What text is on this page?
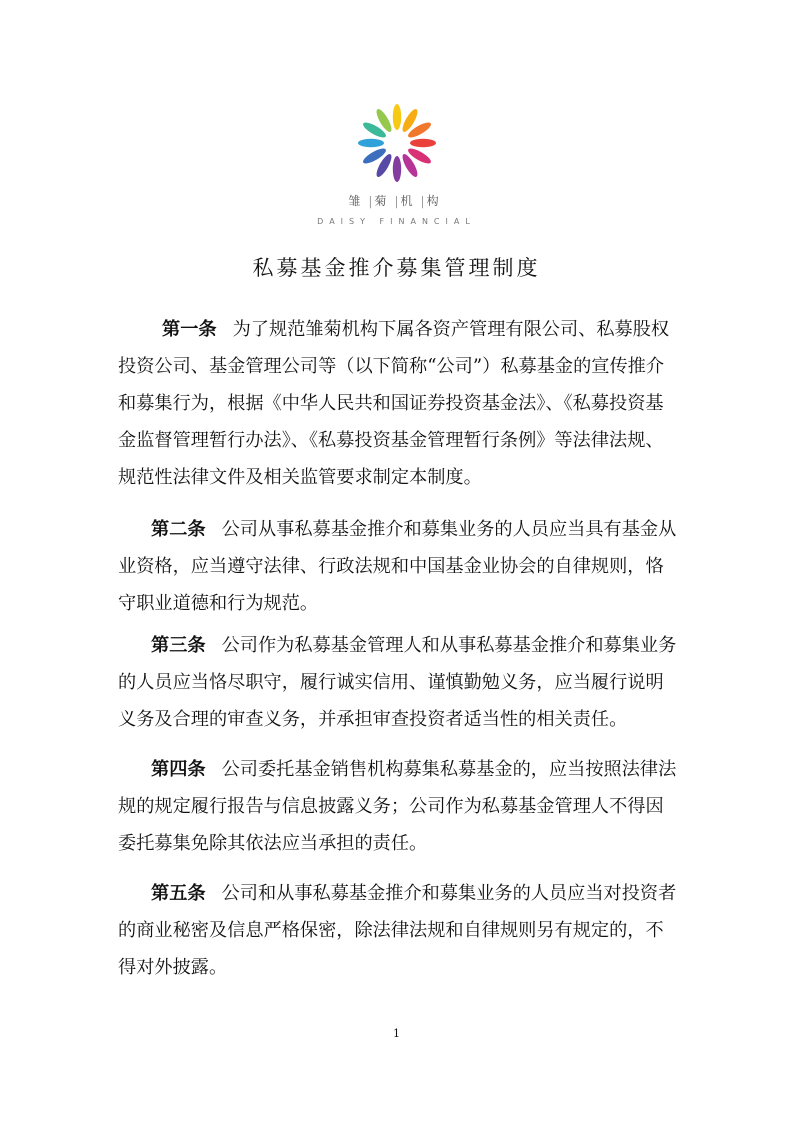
雏 | 菊 | 机 | 构
DAISY FINANCIAL
私募基金推介募集管理制度

第一条 为了规范雏菊机构下属各资产管理有限公司、私募股权投资公司、基金管理公司等（以下简称“公司”）私募基金的宣传推介和募集行为，根据《中华人民共和国证券投资基金法》、《私募投资基金监督管理暂行办法》、《私募投资基金管理暂行条例》等法律法规、规范性法律文件及相关监管要求制定本制度。

第二条 公司从事私募基金推介和募集业务的人员应当具有基金从业资格，应当遵守法律、行政法规和中国基金业协会的自律规则，恪守职业道德和行为规范。

第三条 公司作为私募基金管理人和从事私募基金推介和募集业务的人员应当恪尽职守，履行诚实信用、谨慎勤勉义务，应当履行说明义务及合理的审查义务，并承担审查投资者适当性的相关责任。

第四条 公司委托基金销售机构募集私募基金的，应当按照法律法规的规定履行报告与信息披露义务；公司作为私募基金管理人不得因委托募集免除其依法应当承担的责任。

第五条 公司和从事私募基金推介和募集业务的人员应当对投资者的商业秘密及信息严格保密，除法律法规和自律规则另有规定的，不得对外披露。

1
